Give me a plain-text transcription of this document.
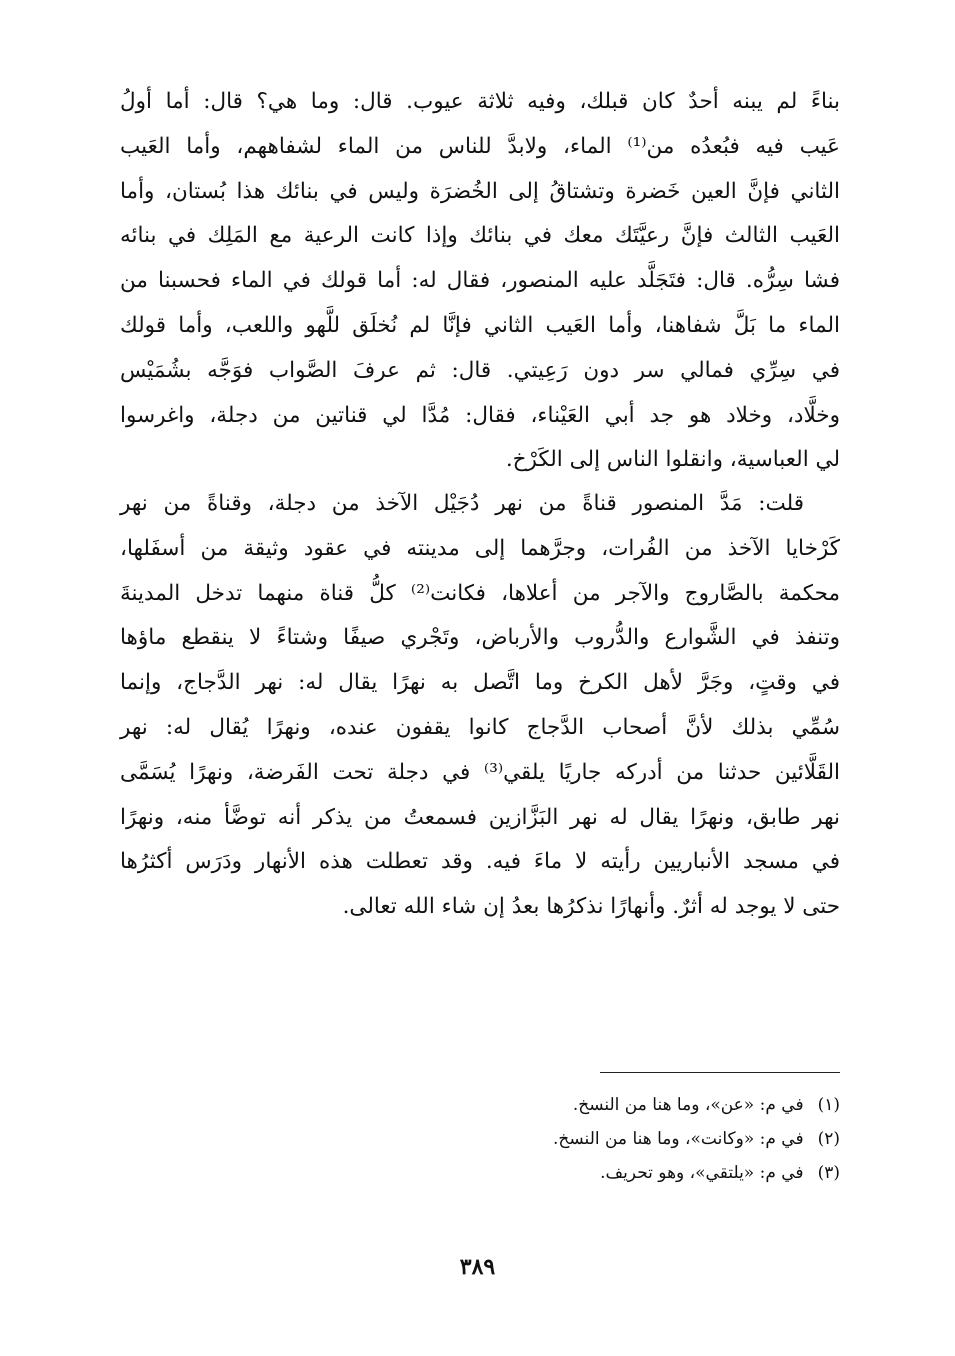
بناءً لم يبنه أحدٌ كان قبلك، وفيه ثلاثة عيوب. قال: وما هي؟ قال: أما أولُ
عَيب فيه فبُعدُه من⁽¹⁾ الماء، ولابدَّ للناس من الماء لشفاههم، وأما العَيب
الثاني فإنَّ العين خَضرة وتشتاقُ إلى الخُضرَة وليس في بنائك هذا بُستان، وأما
العَيب الثالث فإنَّ رعيَّتَك معك في بنائك وإذا كانت الرعية مع المَلِك في بنائه
فشا سِرُّه. قال: فتَجَلَّد عليه المنصور، فقال له: أما قولك في الماء فحسبنا من
الماء ما بَلَّ شفاهنا، وأما العَيب الثاني فإنَّا لم نُخلَق للَّهو واللعب، وأما قولك
في سِرِّي فمالي سر دون رَعِيتي. قال: ثم عرفَ الصَّواب فوَجَّه بشُمَيْس
وخلَّاد، وخلاد هو جد أبي العَيْناء، فقال: مُدَّا لي قناتين من دجلة، واغرسوا
لي العباسية، وانقلوا الناس إلى الكَرْخ.
قلت: مَدَّ المنصور قناةً من نهر دُجَيْل الآخذ من دجلة، وقناةً من نهر
كَرْخايا الآخذ من الفُرات، وجرَّهما إلى مدينته في عقود وثيقة من أسفَلها،
محكمة بالصَّاروج والآجر من أعلاها، فكانت⁽²⁾ كلُّ قناة منهما تدخل المدينةَ
وتنفذ في الشَّوارع والدُّروب والأرباض، وتَجْري صيفًا وشتاءً لا ينقطع ماؤها
في وقتٍ، وجَرَّ لأهل الكرخ وما اتَّصل به نهرًا يقال له: نهر الدَّجاج، وإنما
سُمِّي بذلك لأنَّ أصحاب الدَّجاج كانوا يقفون عنده، ونهرًا يُقال له: نهر
القَلَّائين حدثنا من أدركه جاريًا يلقي⁽³⁾ في دجلة تحت الفَرضة، ونهرًا يُسَمَّى
نهر طابق، ونهرًا يقال له نهر البَزَّازين فسمعتُ من يذكر أنه توضَّأ منه، ونهرًا
في مسجد الأنباريين رأيته لا ماءَ فيه. وقد تعطلت هذه الأنهار ودَرَس أكثرُها
حتى لا يوجد له أثرٌ. وأنهارًا نذكرُها بعدُ إن شاء الله تعالى.
(١)في م: «عن»، وما هنا من النسخ.
(٢)في م: «وكانت»، وما هنا من النسخ.
(٣)في م: «يلتقي»، وهو تحريف.
٣٨٩
